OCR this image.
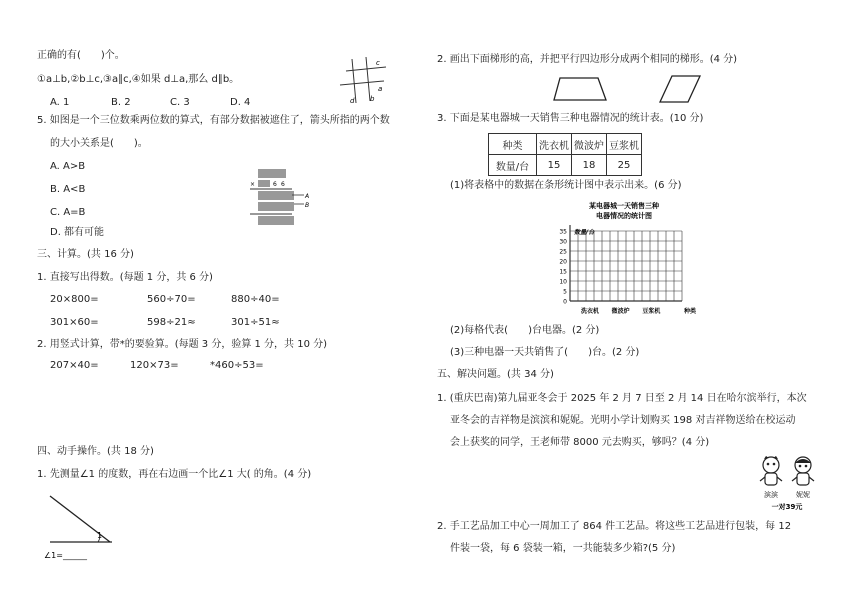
正确的有(　　)个。
①a⊥b,②b⊥c,③a∥c,④如果 d⊥a,那么 d∥b。
A. 1	B. 2	C. 3	D. 4
c
d
a
b
5. 如图是一个三位数乘两位数的算式，有部分数据被遮住了，箭头所指的两个数
的大小关系是(　　)。
A. A>B
B. A<B
C. A=B
D. 都有可能
×	6 6
A
B
三、计算。(共 16 分)
1. 直接写出得数。(每题 1 分，共 6 分)
20×800=	560÷70=	880÷40=
301×60=	598÷21≈	301÷51≈
2. 用竖式计算，带*的要验算。(每题 3 分，验算 1 分，共 10 分)
207×40=	120×73=	*460÷53=
四、动手操作。(共 18 分)
1. 先测量∠1 的度数，再在右边画一个比∠1 大( 的角。(4 分)
1
∠1=______
2. 画出下面梯形的高，并把平行四边形分成两个相同的梯形。(4 分)
3. 下面是某电器城一天销售三种电器情况的统计表。(10 分)
种类	洗衣机	微波炉	豆浆机
数量/台	15	18	25
(1)将表格中的数据在条形统计图中表示出来。(6 分)
某电器城一天销售三种
电器情况的统计图
0
5
10
15
20
25
30
35
洗衣机 微波炉 豆浆机
数量/台
种类
(2)每格代表(　　)台电器。(2 分)
(3)三种电器一天共销售了(　　)台。(2 分)
五、解决问题。(共 34 分)
1. (重庆巴南)第九届亚冬会于 2025 年 2 月 7 日至 2 月 14 日在哈尔滨举行，本次
亚冬会的吉祥物是滨滨和妮妮。光明小学计划购买 198 对吉祥物送给在校运动
会上获奖的同学，王老师带 8000 元去购买，够吗？(4 分)
滨滨	妮妮
一对39元
2. 手工艺品加工中心一周加工了 864 件工艺品。将这些工艺品进行包装，每 12
件装一袋，每 6 袋装一箱，一共能装多少箱?(5 分)
